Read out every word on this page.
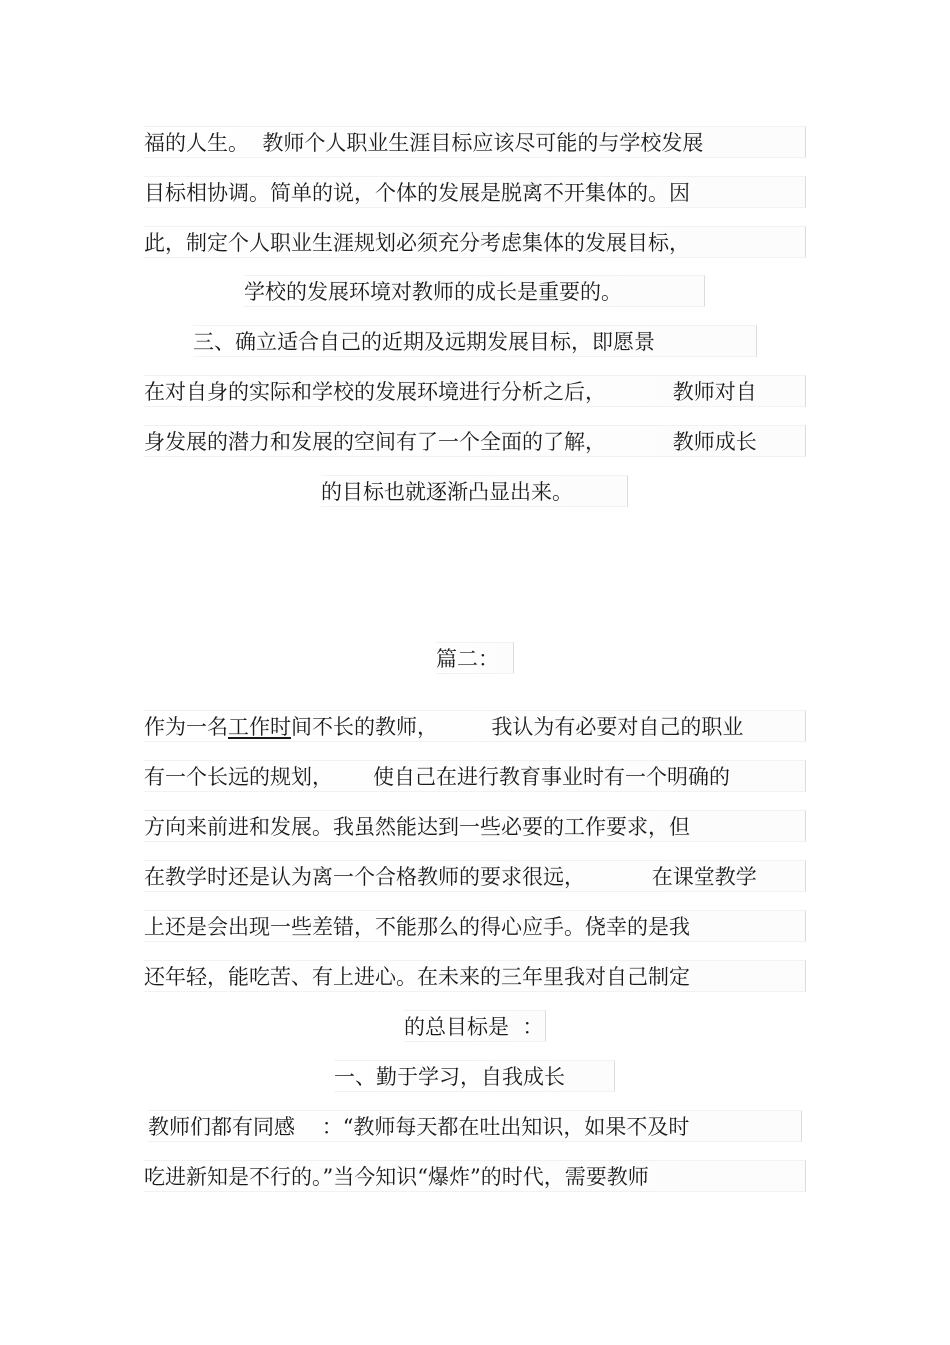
福的人生。  教师个人职业生涯目标应该尽可能的与学校发展
目标相协调。简单的说，个体的发展是脱离不开集体的。因
此，制定个人职业生涯规划必须充分考虑集体的发展目标，
学校的发展环境对教师的成长是重要的。
三、确立适合自己的近期及远期发展目标，即愿景
在对自身的实际和学校的发展环境进行分析之后，          教师对自
身发展的潜力和发展的空间有了一个全面的了解，          教师成长
的目标也就逐渐凸显出来。
篇二：
作为一名工作时间不长的教师，        我认为有必要对自己的职业
有一个长远的规划，      使自己在进行教育事业时有一个明确的
方向来前进和发展。我虽然能达到一些必要的工作要求，但
在教学时还是认为离一个合格教师的要求很远，          在课堂教学
上还是会出现一些差错，不能那么的得心应手。侥幸的是我
还年轻，能吃苦、有上进心。在未来的三年里我对自己制定
的总目标是  ：
一、勤于学习，自我成长
教师们都有同感    ：“教师每天都在吐出知识，如果不及时
吃进新知是不行的。”当今知识“爆炸”的时代，需要教师
